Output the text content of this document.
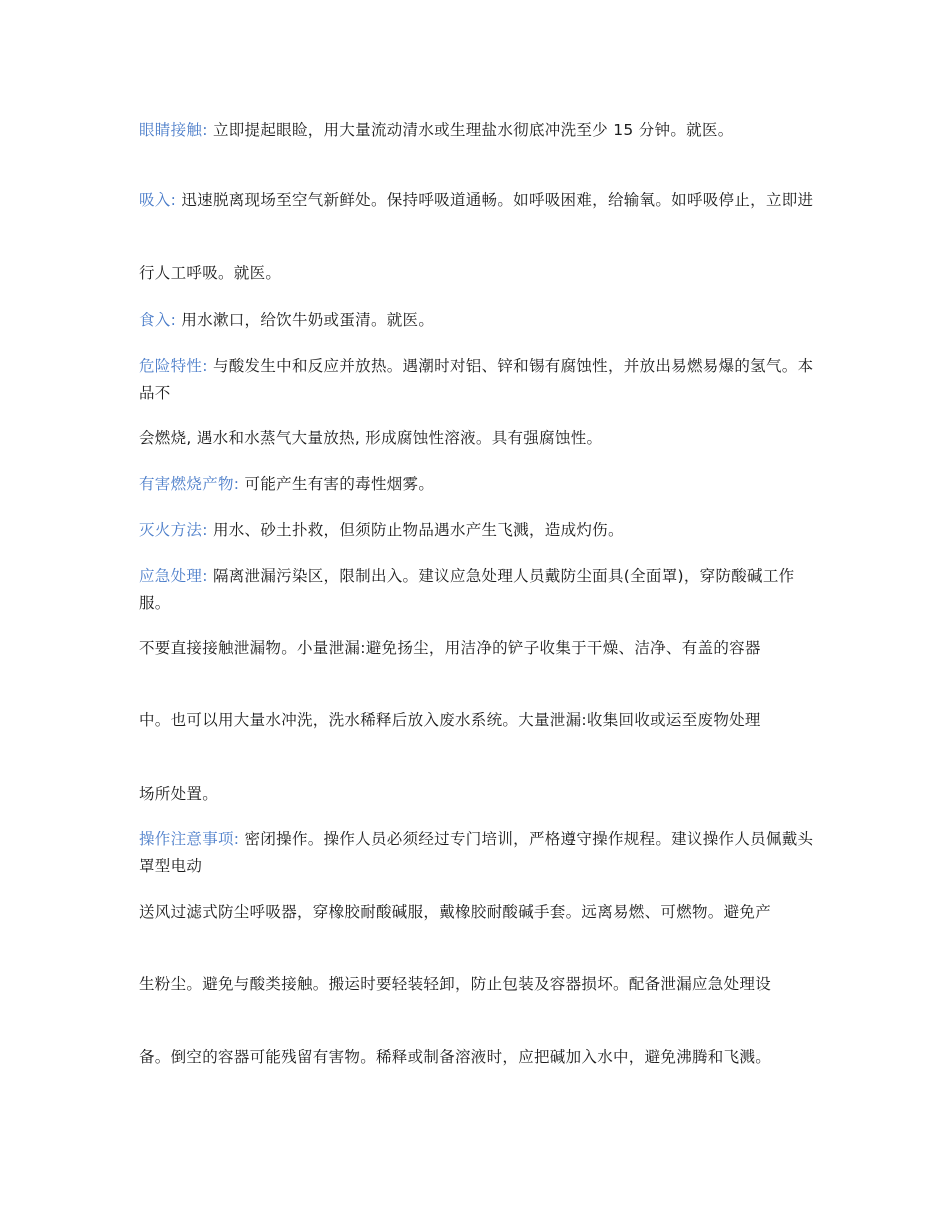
眼睛接触: 立即提起眼睑，用大量流动清水或生理盐水彻底冲洗至少 15 分钟。就医。

吸入: 迅速脱离现场至空气新鲜处。保持呼吸道通畅。如呼吸困难，给输氧。如呼吸停止，立即进

行人工呼吸。就医。

食入: 用水漱口，给饮牛奶或蛋清。就医。

危险特性: 与酸发生中和反应并放热。遇潮时对铝、锌和锡有腐蚀性，并放出易燃易爆的氢气。本品不

会燃烧, 遇水和水蒸气大量放热, 形成腐蚀性溶液。具有强腐蚀性。

有害燃烧产物: 可能产生有害的毒性烟雾。

灭火方法: 用水、砂土扑救，但须防止物品遇水产生飞溅，造成灼伤。

应急处理: 隔离泄漏污染区，限制出入。建议应急处理人员戴防尘面具(全面罩)，穿防酸碱工作服。

不要直接接触泄漏物。小量泄漏:避免扬尘，用洁净的铲子收集于干燥、洁净、有盖的容器

中。也可以用大量水冲洗，洗水稀释后放入废水系统。大量泄漏:收集回收或运至废物处理

场所处置。

操作注意事项: 密闭操作。操作人员必须经过专门培训，严格遵守操作规程。建议操作人员佩戴头罩型电动

送风过滤式防尘呼吸器，穿橡胶耐酸碱服，戴橡胶耐酸碱手套。远离易燃、可燃物。避免产

生粉尘。避免与酸类接触。搬运时要轻装轻卸，防止包装及容器损坏。配备泄漏应急处理设

备。倒空的容器可能残留有害物。稀释或制备溶液时，应把碱加入水中，避免沸腾和飞溅。
